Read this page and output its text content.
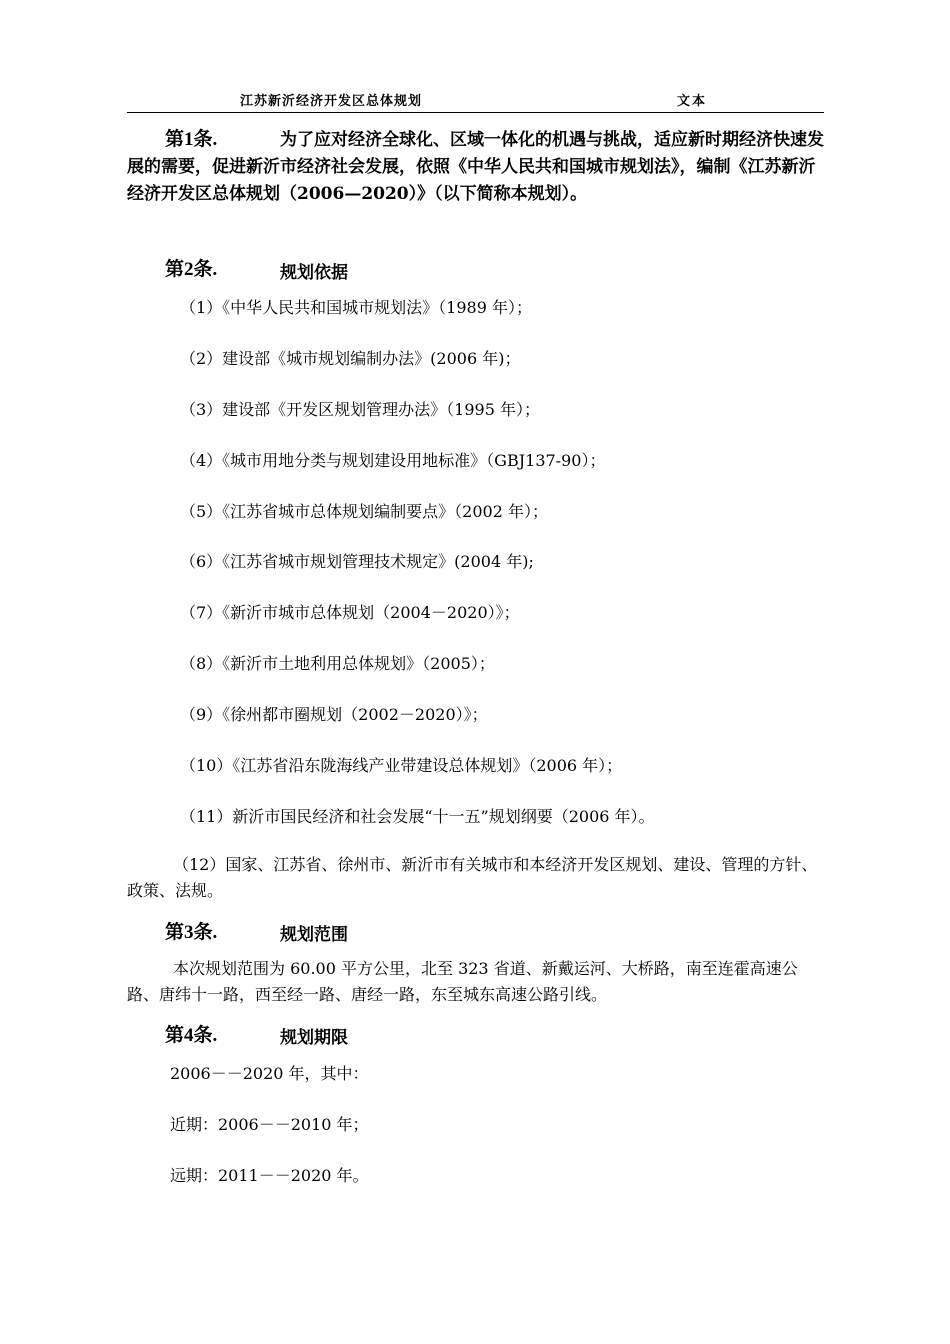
江苏新沂经济开发区总体规划	文本
第1条.	为了应对经济全球化、区域一体化的机遇与挑战，适应新时期经济快速发展的需要，促进新沂市经济社会发展，依照《中华人民共和国城市规划法》，编制《江苏新沂经济开发区总体规划（2006—2020）》（以下简称本规划）。
第2条.	规划依据
（1）《中华人民共和国城市规划法》（1989 年）；
（2）建设部《城市规划编制办法》(2006 年)；
（3）建设部《开发区规划管理办法》（1995 年）；
（4）《城市用地分类与规划建设用地标准》（GBJ137-90）；
（5）《江苏省城市总体规划编制要点》（2002 年）；
（6）《江苏省城市规划管理技术规定》(2004 年);
（7）《新沂市城市总体规划（2004－2020）》；
（8）《新沂市土地利用总体规划》（2005）；
（9）《徐州都市圈规划（2002－2020）》；
（10）《江苏省沿东陇海线产业带建设总体规划》（2006 年）；
（11）新沂市国民经济和社会发展“十一五”规划纲要（2006 年）。
（12）国家、江苏省、徐州市、新沂市有关城市和本经济开发区规划、建设、管理的方针、政策、法规。
第3条.	规划范围
本次规划范围为 60.00 平方公里，北至 323 省道、新戴运河、大桥路，南至连霍高速公路、唐纬十一路，西至经一路、唐经一路，东至城东高速公路引线。
第4条.	规划期限
2006－－2020 年，其中：
近期：2006－－2010 年；
远期：2011－－2020 年。
